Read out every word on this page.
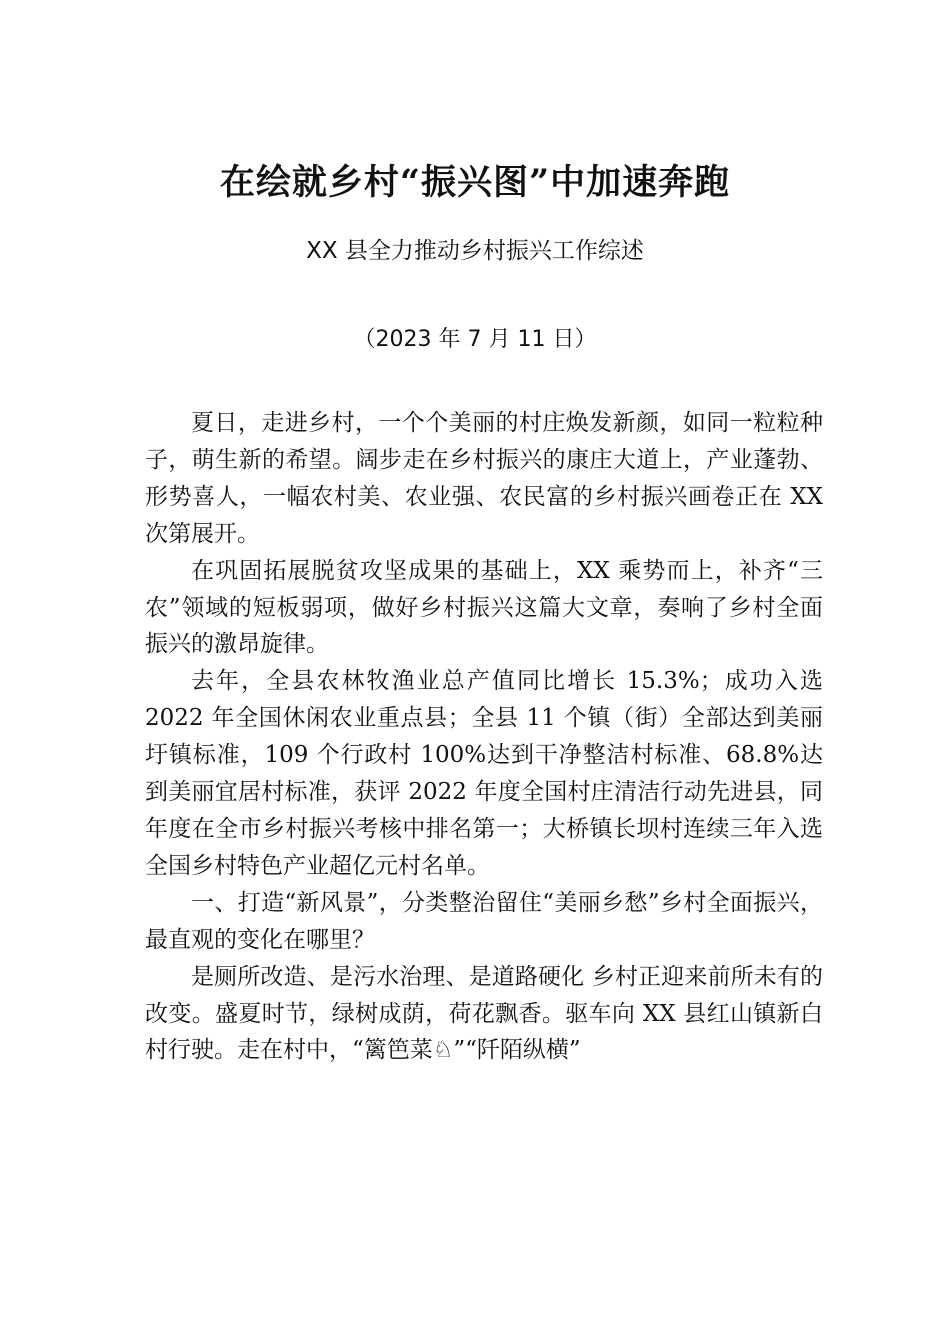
在绘就乡村“振兴图”中加速奔跑
XX 县全力推动乡村振兴工作综述
（2023 年 7 月 11 日）

夏日，走进乡村，一个个美丽的村庄焕发新颜，如同一粒粒种子，萌生新的希望。阔步走在乡村振兴的康庄大道上，产业蓬勃、形势喜人，一幅农村美、农业强、农民富的乡村振兴画卷正在 XX 次第展开。

在巩固拓展脱贫攻坚成果的基础上，XX 乘势而上，补齐“三农”领域的短板弱项，做好乡村振兴这篇大文章，奏响了乡村全面振兴的激昂旋律。

去年，全县农林牧渔业总产值同比增长 15.3%；成功入选 2022 年全国休闲农业重点县；全县 11 个镇（街）全部达到美丽圩镇标准，109 个行政村 100%达到干净整洁村标准、68.8%达到美丽宜居村标准，获评 2022 年度全国村庄清洁行动先进县，同年度在全市乡村振兴考核中排名第一；大桥镇长坝村连续三年入选全国乡村特色产业超亿元村名单。

一、打造“新风景”，分类整治留住“美丽乡愁”乡村全面振兴，最直观的变化在哪里？

是厕所改造、是污水治理、是道路硬化 乡村正迎来前所未有的改变。盛夏时节，绿树成荫，荷花飘香。驱车向 XX 县红山镇新白村行驶。走在村中，“篱笆菜♘”“阡陌纵横”
